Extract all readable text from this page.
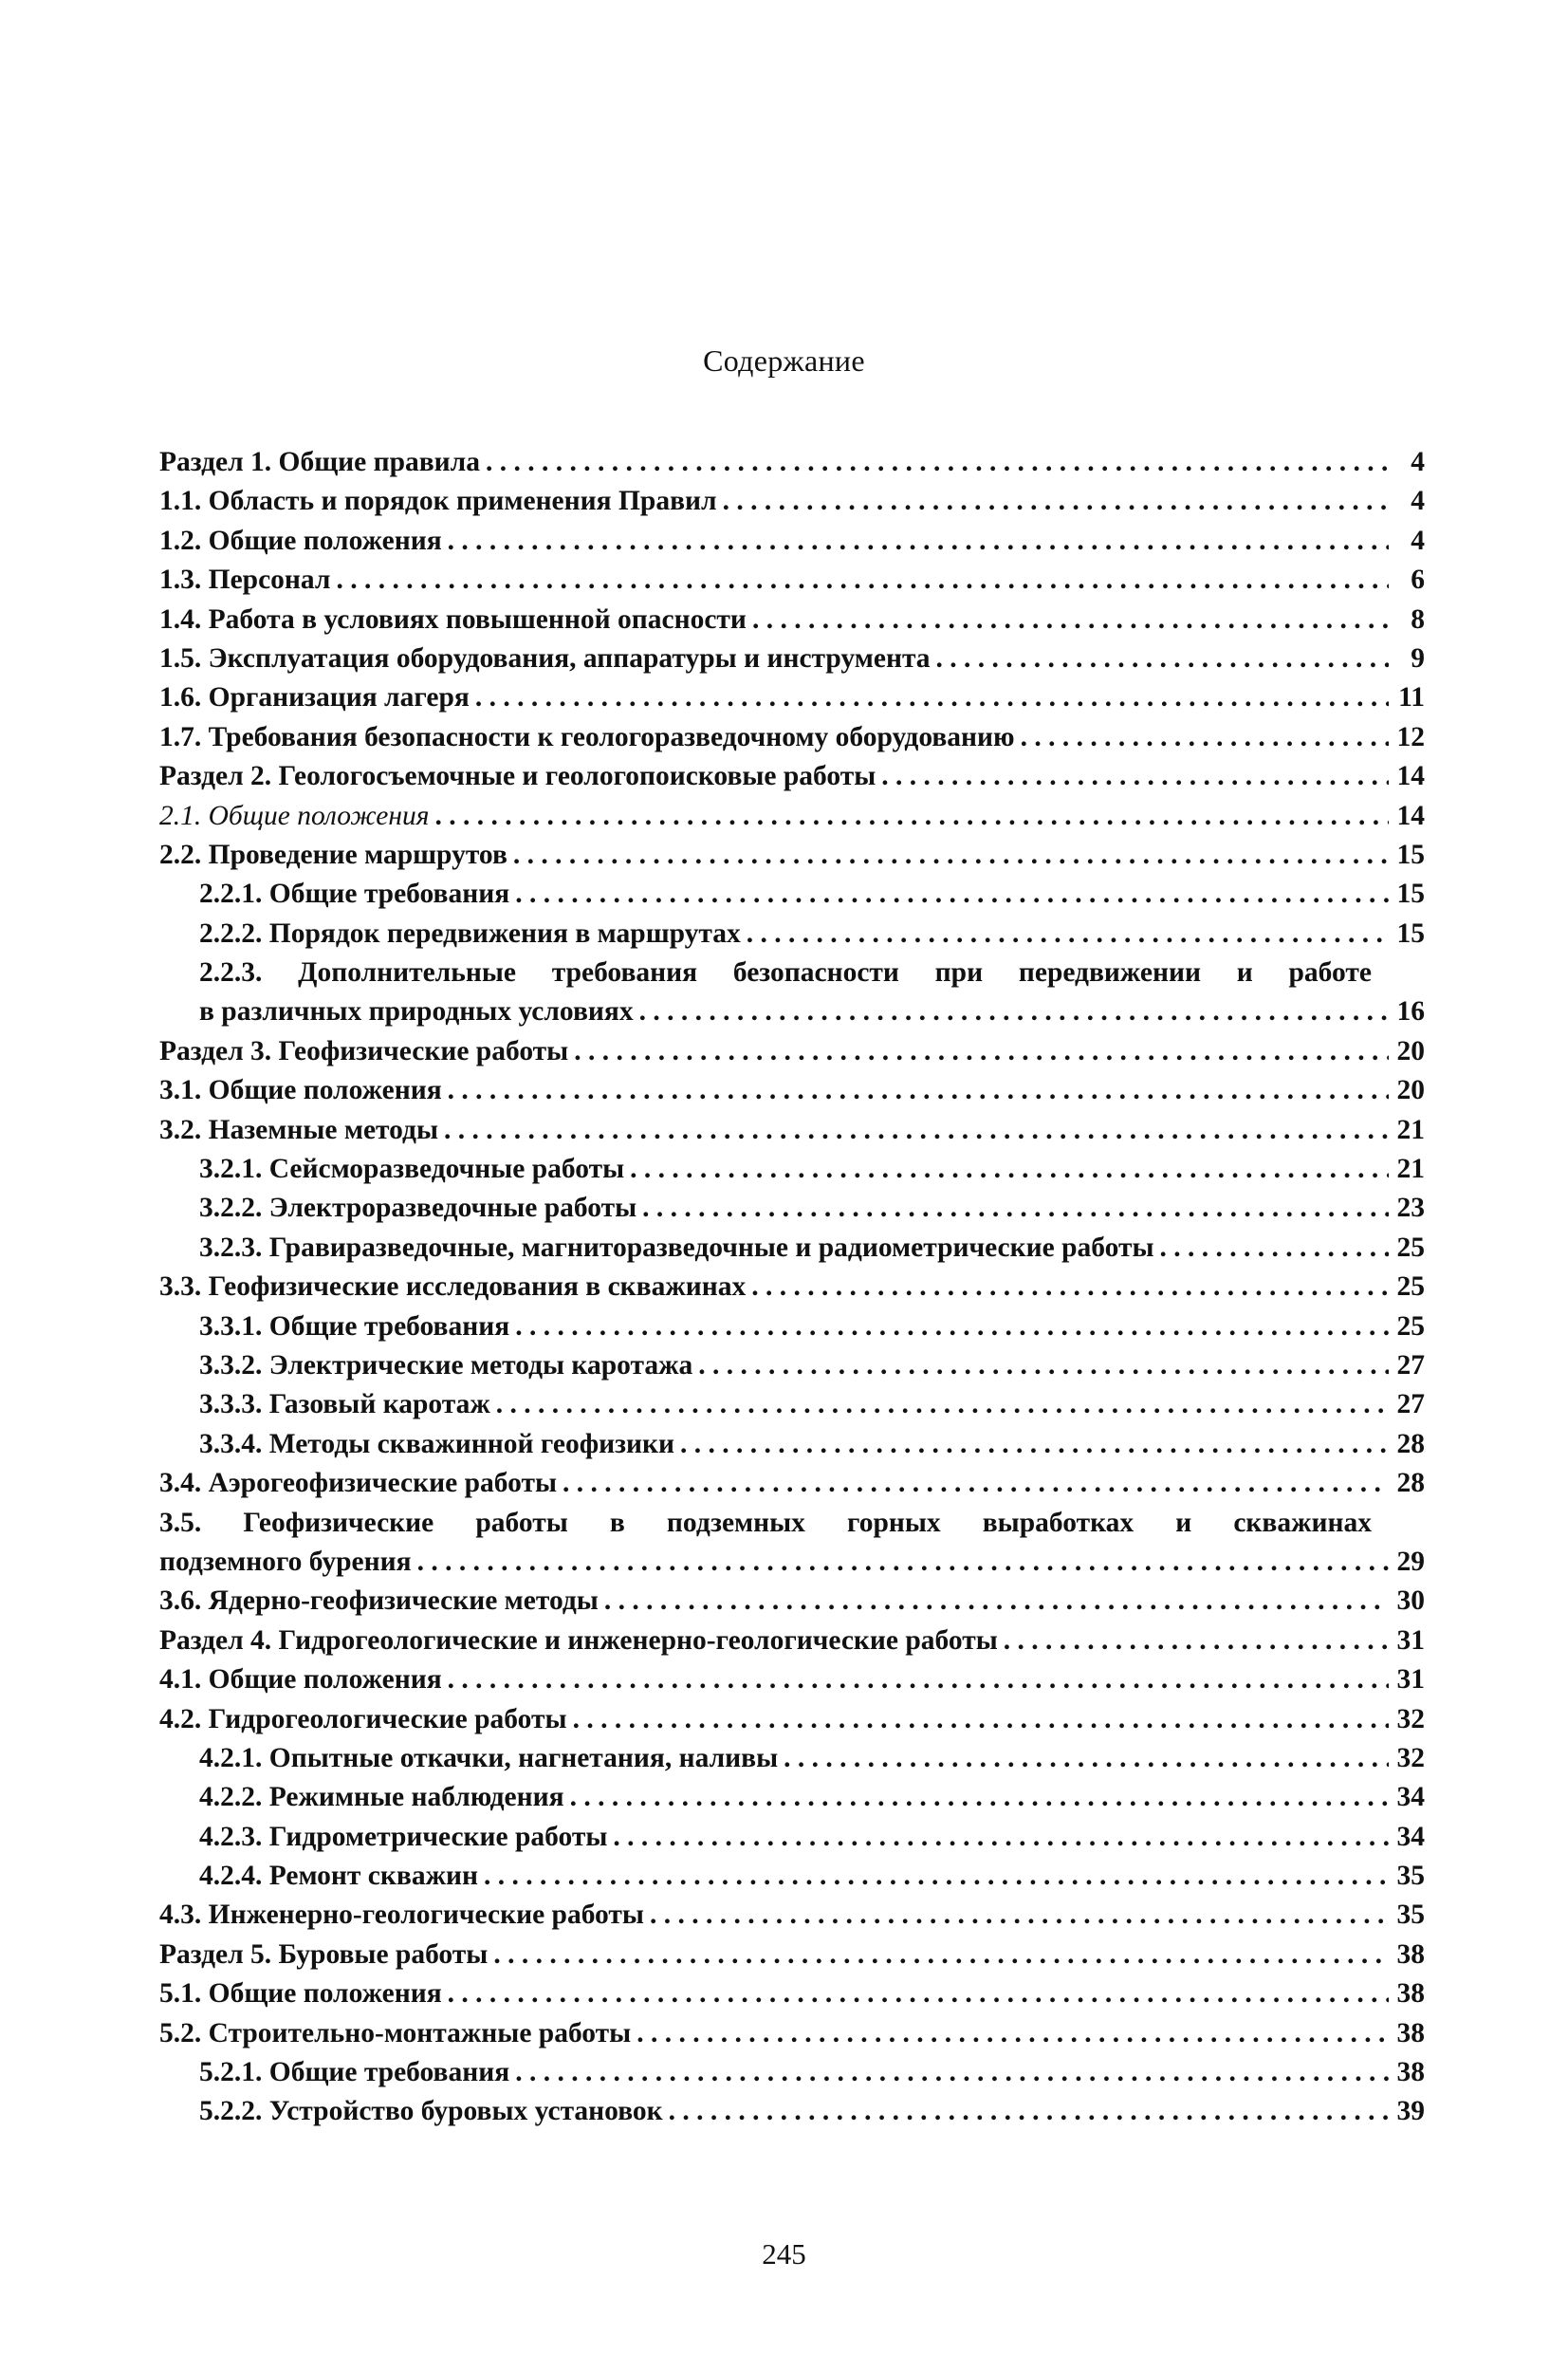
Содержание
Раздел 1. Общие правила . . .	4
1.1. Область и порядок применения Правил . . .	4
1.2. Общие положения . . .	4
1.3. Персонал . . .	6
1.4. Работа в условиях повышенной опасности . . .	8
1.5. Эксплуатация оборудования, аппаратуры и инструмента . . .	9
1.6. Организация лагеря . . .	11
1.7. Требования безопасности к геологоразведочному оборудованию . . .	12
Раздел 2. Геологосъемочные и геологопоисковые работы . . .	14
2.1. Общие положения . . .	14
2.2. Проведение маршрутов . . .	15
2.2.1. Общие требования . . .	15
2.2.2. Порядок передвижения в маршрутах . . .	15
2.2.3. Дополнительные требования безопасности при передвижении и работе
в различных природных условиях . . .	16
Раздел 3. Геофизические работы . . .	20
3.1. Общие положения . . .	20
3.2. Наземные методы . . .	21
3.2.1. Сейсморазведочные работы . . .	21
3.2.2. Электроразведочные работы . . .	23
3.2.3. Гравиразведочные, магниторазведочные и радиометрические работы . . .	25
3.3. Геофизические исследования в скважинах . . .	25
3.3.1. Общие требования . . .	25
3.3.2. Электрические методы каротажа . . .	27
3.3.3. Газовый каротаж . . .	27
3.3.4. Методы скважинной геофизики . . .	28
3.4. Аэрогеофизические работы . . .	28
3.5. Геофизические работы в подземных горных выработках и скважинах
подземного бурения . . .	29
3.6. Ядерно-геофизические методы . . .	30
Раздел 4. Гидрогеологические и инженерно-геологические работы . . .	31
4.1. Общие положения . . .	31
4.2. Гидрогеологические работы . . .	32
4.2.1. Опытные откачки, нагнетания, наливы . . .	32
4.2.2. Режимные наблюдения . . .	34
4.2.3. Гидрометрические работы . . .	34
4.2.4. Ремонт скважин . . .	35
4.3. Инженерно-геологические работы . . .	35
Раздел 5. Буровые работы . . .	38
5.1. Общие положения . . .	38
5.2. Строительно-монтажные работы . . .	38
5.2.1. Общие требования . . .	38
5.2.2. Устройство буровых установок . . .	39
245
